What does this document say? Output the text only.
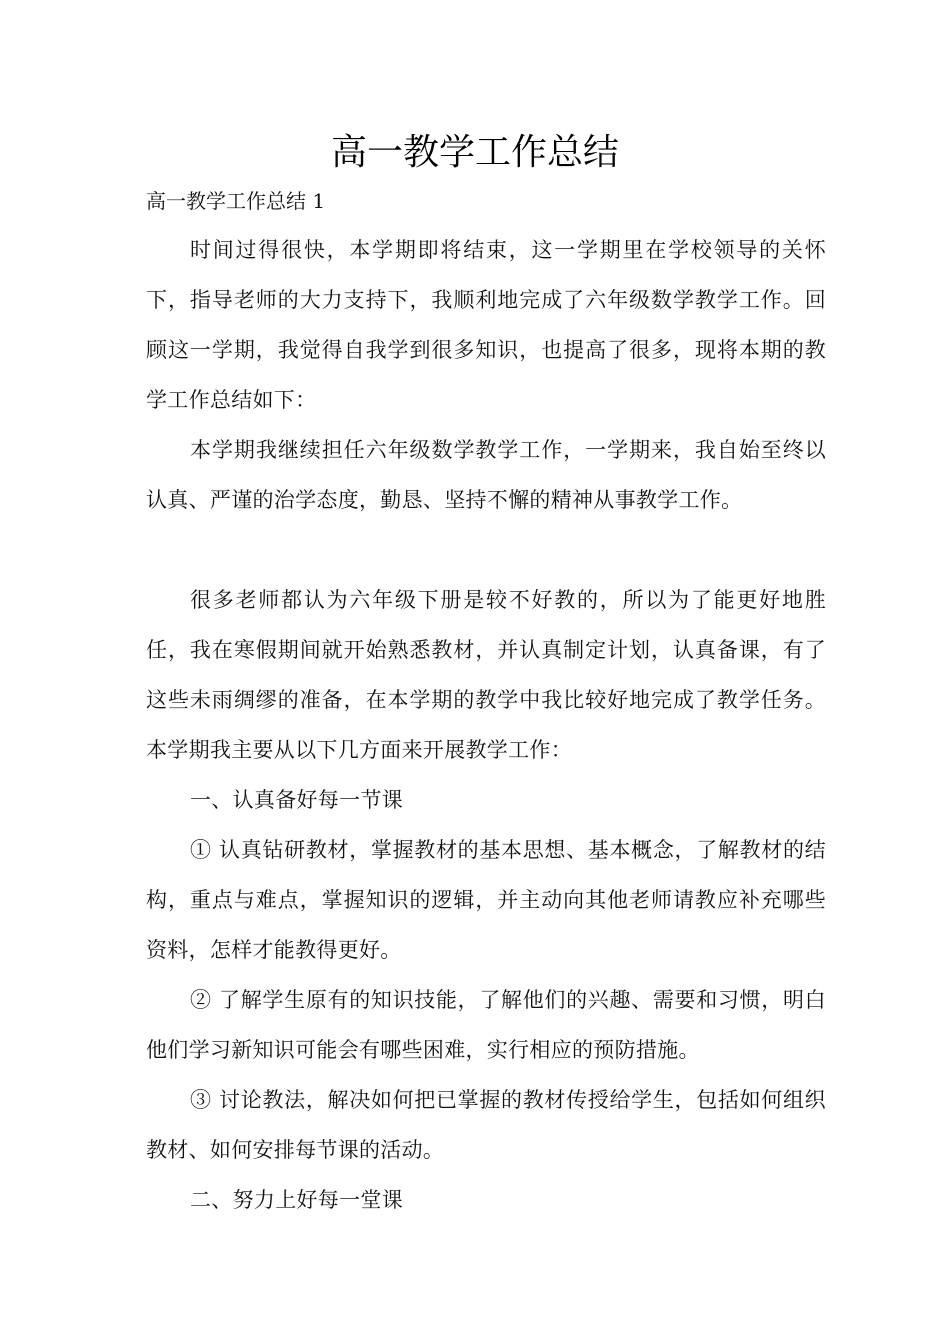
高一教学工作总结

高一教学工作总结 1

时间过得很快，本学期即将结束，这一学期里在学校领导的关怀下，指导老师的大力支持下，我顺利地完成了六年级数学教学工作。回顾这一学期，我觉得自我学到很多知识，也提高了很多，现将本期的教学工作总结如下：

本学期我继续担任六年级数学教学工作，一学期来，我自始至终以认真、严谨的治学态度，勤恳、坚持不懈的精神从事教学工作。

很多老师都认为六年级下册是较不好教的，所以为了能更好地胜任，我在寒假期间就开始熟悉教材，并认真制定计划，认真备课，有了这些未雨绸缪的准备，在本学期的教学中我比较好地完成了教学任务。本学期我主要从以下几方面来开展教学工作：

一、认真备好每一节课

① 认真钻研教材，掌握教材的基本思想、基本概念，了解教材的结构，重点与难点，掌握知识的逻辑，并主动向其他老师请教应补充哪些资料，怎样才能教得更好。

② 了解学生原有的知识技能，了解他们的兴趣、需要和习惯，明白他们学习新知识可能会有哪些困难，实行相应的预防措施。

③ 讨论教法，解决如何把已掌握的教材传授给学生，包括如何组织教材、如何安排每节课的活动。

二、努力上好每一堂课
